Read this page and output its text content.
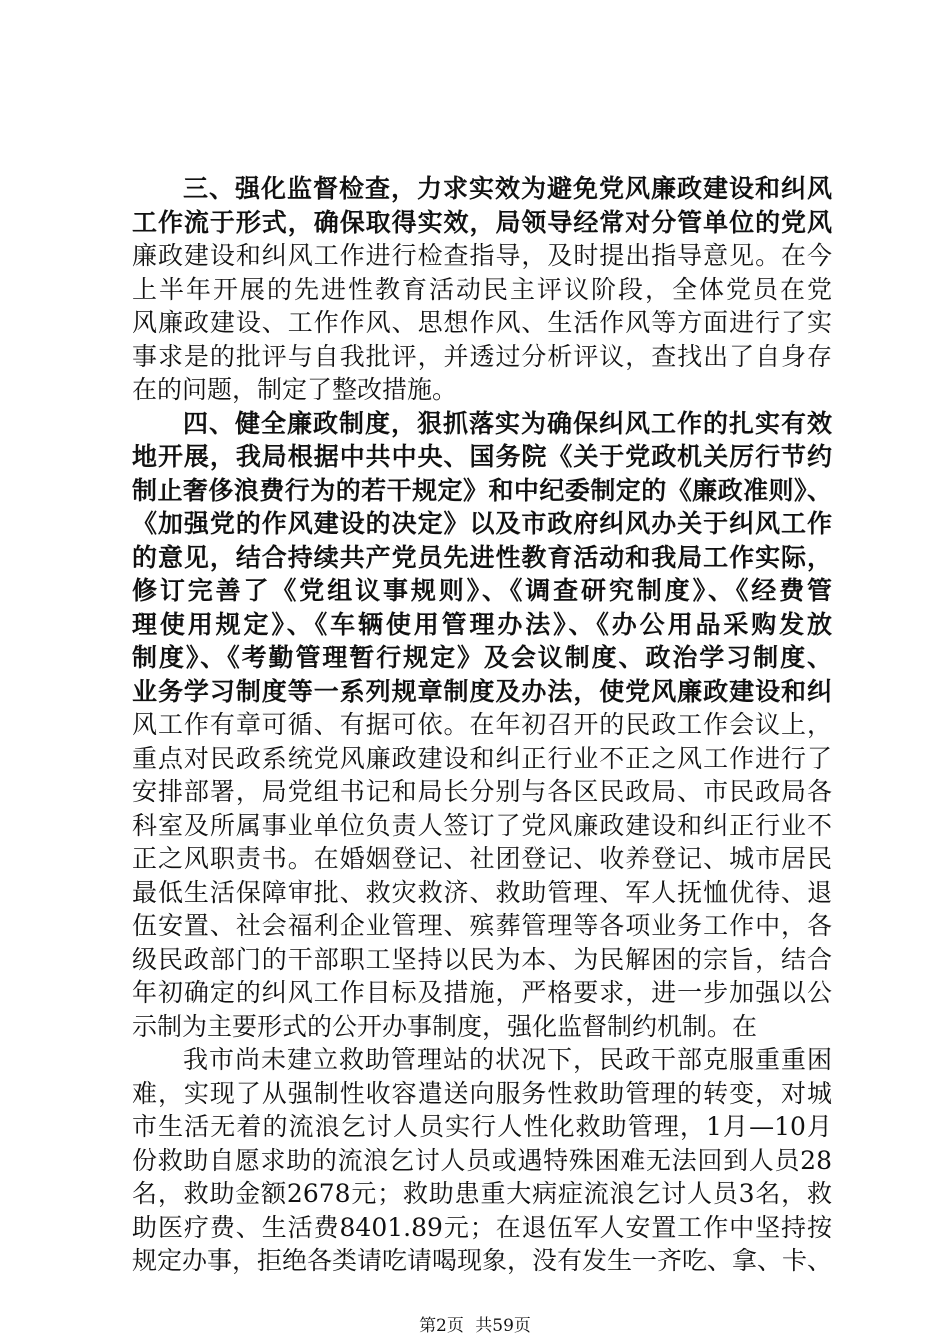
三、强化监督检查，力求实效为避免党风廉政建设和纠风
工作流于形式，确保取得实效，局领导经常对分管单位的党风
廉政建设和纠风工作进行检查指导，及时提出指导意见。在今
上半年开展的先进性教育活动民主评议阶段，全体党员在党
风廉政建设、工作作风、思想作风、生活作风等方面进行了实
事求是的批评与自我批评，并透过分析评议，查找出了自身存
在的问题，制定了整改措施。
四、健全廉政制度，狠抓落实为确保纠风工作的扎实有效
地开展，我局根据中共中央、国务院《关于党政机关厉行节约
制止奢侈浪费行为的若干规定》和中纪委制定的《廉政准则》、
《加强党的作风建设的决定》以及市政府纠风办关于纠风工作
的意见，结合持续共产党员先进性教育活动和我局工作实际，
修订完善了《党组议事规则》、《调查研究制度》、《经费管
理使用规定》、《车辆使用管理办法》、《办公用品采购发放
制度》、《考勤管理暂行规定》及会议制度、政治学习制度、
业务学习制度等一系列规章制度及办法，使党风廉政建设和纠
风工作有章可循、有据可依。在年初召开的民政工作会议上，
重点对民政系统党风廉政建设和纠正行业不正之风工作进行了
安排部署，局党组书记和局长分别与各区民政局、市民政局各
科室及所属事业单位负责人签订了党风廉政建设和纠正行业不
正之风职责书。在婚姻登记、社团登记、收养登记、城市居民
最低生活保障审批、救灾救济、救助管理、军人抚恤优待、退
伍安置、社会福利企业管理、殡葬管理等各项业务工作中，各
级民政部门的干部职工坚持以民为本、为民解困的宗旨，结合
年初确定的纠风工作目标及措施，严格要求，进一步加强以公
示制为主要形式的公开办事制度，强化监督制约机制。在
我市尚未建立救助管理站的状况下，民政干部克服重重困
难，实现了从强制性收容遣送向服务性救助管理的转变，对城
市生活无着的流浪乞讨人员实行人性化救助管理，1月—10月
份救助自愿求助的流浪乞讨人员或遇特殊困难无法回到人员28
名，救助金额2678元；救助患重大病症流浪乞讨人员3名，救
助医疗费、生活费8401.89元；在退伍军人安置工作中坚持按
规定办事，拒绝各类请吃请喝现象，没有发生一齐吃、拿、卡、
第2页 共59页
